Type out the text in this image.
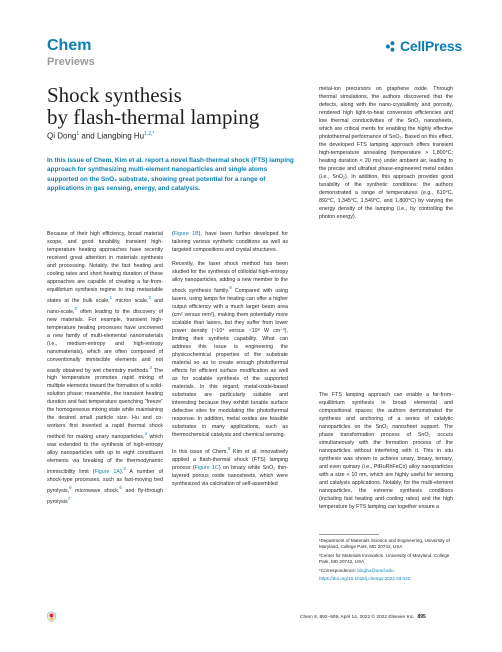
Chem
Previews
CellPress
Shock synthesis
by flash-thermal lamping
Qi Dong$^1$ and Liangbing $Hu^{1,2,*}$
In this issue of Chem, Kim et al. report a novel flash-thermal shock (FTS) lamping approach for synthesizing multi-element nanoparticles and single atoms supported on the SnO₂ substrate, showing great potential for a range of applications in gas sensing, energy, and catalysis.

metal-ion precursors on graphene oxide. Through thermal simulations, the authors discovered that the defects, along with the nano-crystallinity and porosity, rendered high light-to-heat conversion efficiencies and low thermal conductivities of the SnO₂ nanosheets, which are critical merits for enabling the highly effective photothermal performance of SnO₂. Based on this effect, the developed FTS lamping approach offers transient high-temperature annealing (temperature > 1,800°C; heating duration < 20 ms) under ambient air, leading to the precise and ultrafast phase-engineered metal oxides (i.e., SnO₂). In addition, this approach provides good tunability of the synthetic conditions: the authors demonstrated a range of temperatures (e.g., 610°C, 892°C, 1,345°C, 1,549°C, and 1,800°C) by varying the energy density of the lamping (i.e., by controlling the photon energy).

Because of their high efficiency, broad material scope, and good tunability, transient high-temperature heating approaches have recently received great attention in materials synthesis and processing. Notably, the fast heating and cooling rates and short heating duration of these approaches are capable of creating a far-from-equilibrium synthesis regime to trap metastable states at the bulk scale,$^1$ micron scale,$^2$ and nano-scale,$^3$ often leading to the discovery of new materials. For example, transient high-temperature heating processes have uncovered a new family of multi-elemental nanomaterials (i.e., medium-entropy and high-entropy nanomaterials), which are often composed of conventionally immiscible elements and not easily obtained by wet chemistry methods.$^3$ The high temperature promotes rapid mixing of multiple elements toward the formation of a solid-solution phase; meanwhile, the transient heating duration and fast temperature quenching “freeze” the homogeneous mixing state while maintaining the desired small particle size. Hu and co-workers first invented a rapid thermal shock method for making unary nanoparticles,$^4$ which was extended to the synthesis of high-entropy alloy nanoparticles with up to eight constituent elements via breaking of the thermodynamic immiscibility limit (Figure 1A).$^3$ A number of shock-type processes, such as fast-moving bed pyrolysis,$^5$ microwave shock,$^6$ and fly-through pyrolysis$^7$

(Figure 1B), have been further developed for tailoring various synthetic conditions as well as targeted compositions and crystal structures.

Recently, the laser shock method has been studied for the synthesis of colloidal high-entropy alloy nanoparticles, adding a new member to the shock synthesis family.$^8$ Compared with using lasers, using lamps for heating can offer a higher output efficiency with a much larger beam area (cm² versus mm²), making them potentially more scalable than lasers, but they suffer from lower power density (~10⁴ versus ~10⁸ W cm⁻²), limiting their synthetic capability. What can address this issue is engineering the physicochemical properties of the substrate material so as to create enough photothermal effects for efficient surface modification as well as for scalable synthesis of the supported materials. In this regard, metal-oxide-based substrates are particularly suitable and interesting because they exhibit tunable surface defective sites for modulating the photothermal response. In addition, metal oxides are feasible substrates in many applications, such as thermochemical catalysis and chemical sensing.

In this issue of Chem,$^9$ Kim et al. innovatively applied a flash-thermal shock (FTS) lamping process (Figure 1C) on binary white SnO₂ thin-layered porous oxide nanosheets, which were synthesized via calcination of self-assembled

The FTS lamping approach can enable a far-from-equilibrium synthesis in broad elemental and compositional spaces; the authors demonstrated the synthesis and anchoring of a series of catalytic nanoparticles on the SnO₂ nanosheet support. The phase transformation process of SnO₂ occurs simultaneously with the formation process of the nanoparticles without interfering with it. This in situ synthesis was shown to achieve unary, binary, ternary, and even quinary (i.e., PtRuRhFeCo) alloy nanoparticles with a size < 10 nm, which are highly useful for sensing and catalysis applications. Notably, for the multi-element nanoparticles, the extreme synthesis conditions (including fast heating and cooling rates) and the high temperature by FTS lamping can together ensure a

¹Department of Materials Science and Engineering, University of Maryland, College Park, MD 20742, USA

²Center for Materials Innovation, University of Maryland, College Park, MD 20742, USA

*Correspondence: binghu@umd.edu

https://doi.org/10.1016/j.chempr.2022.03.022

Chem 8, 892–909, April 14, 2022 © 2022 Elsevier Inc. 895
